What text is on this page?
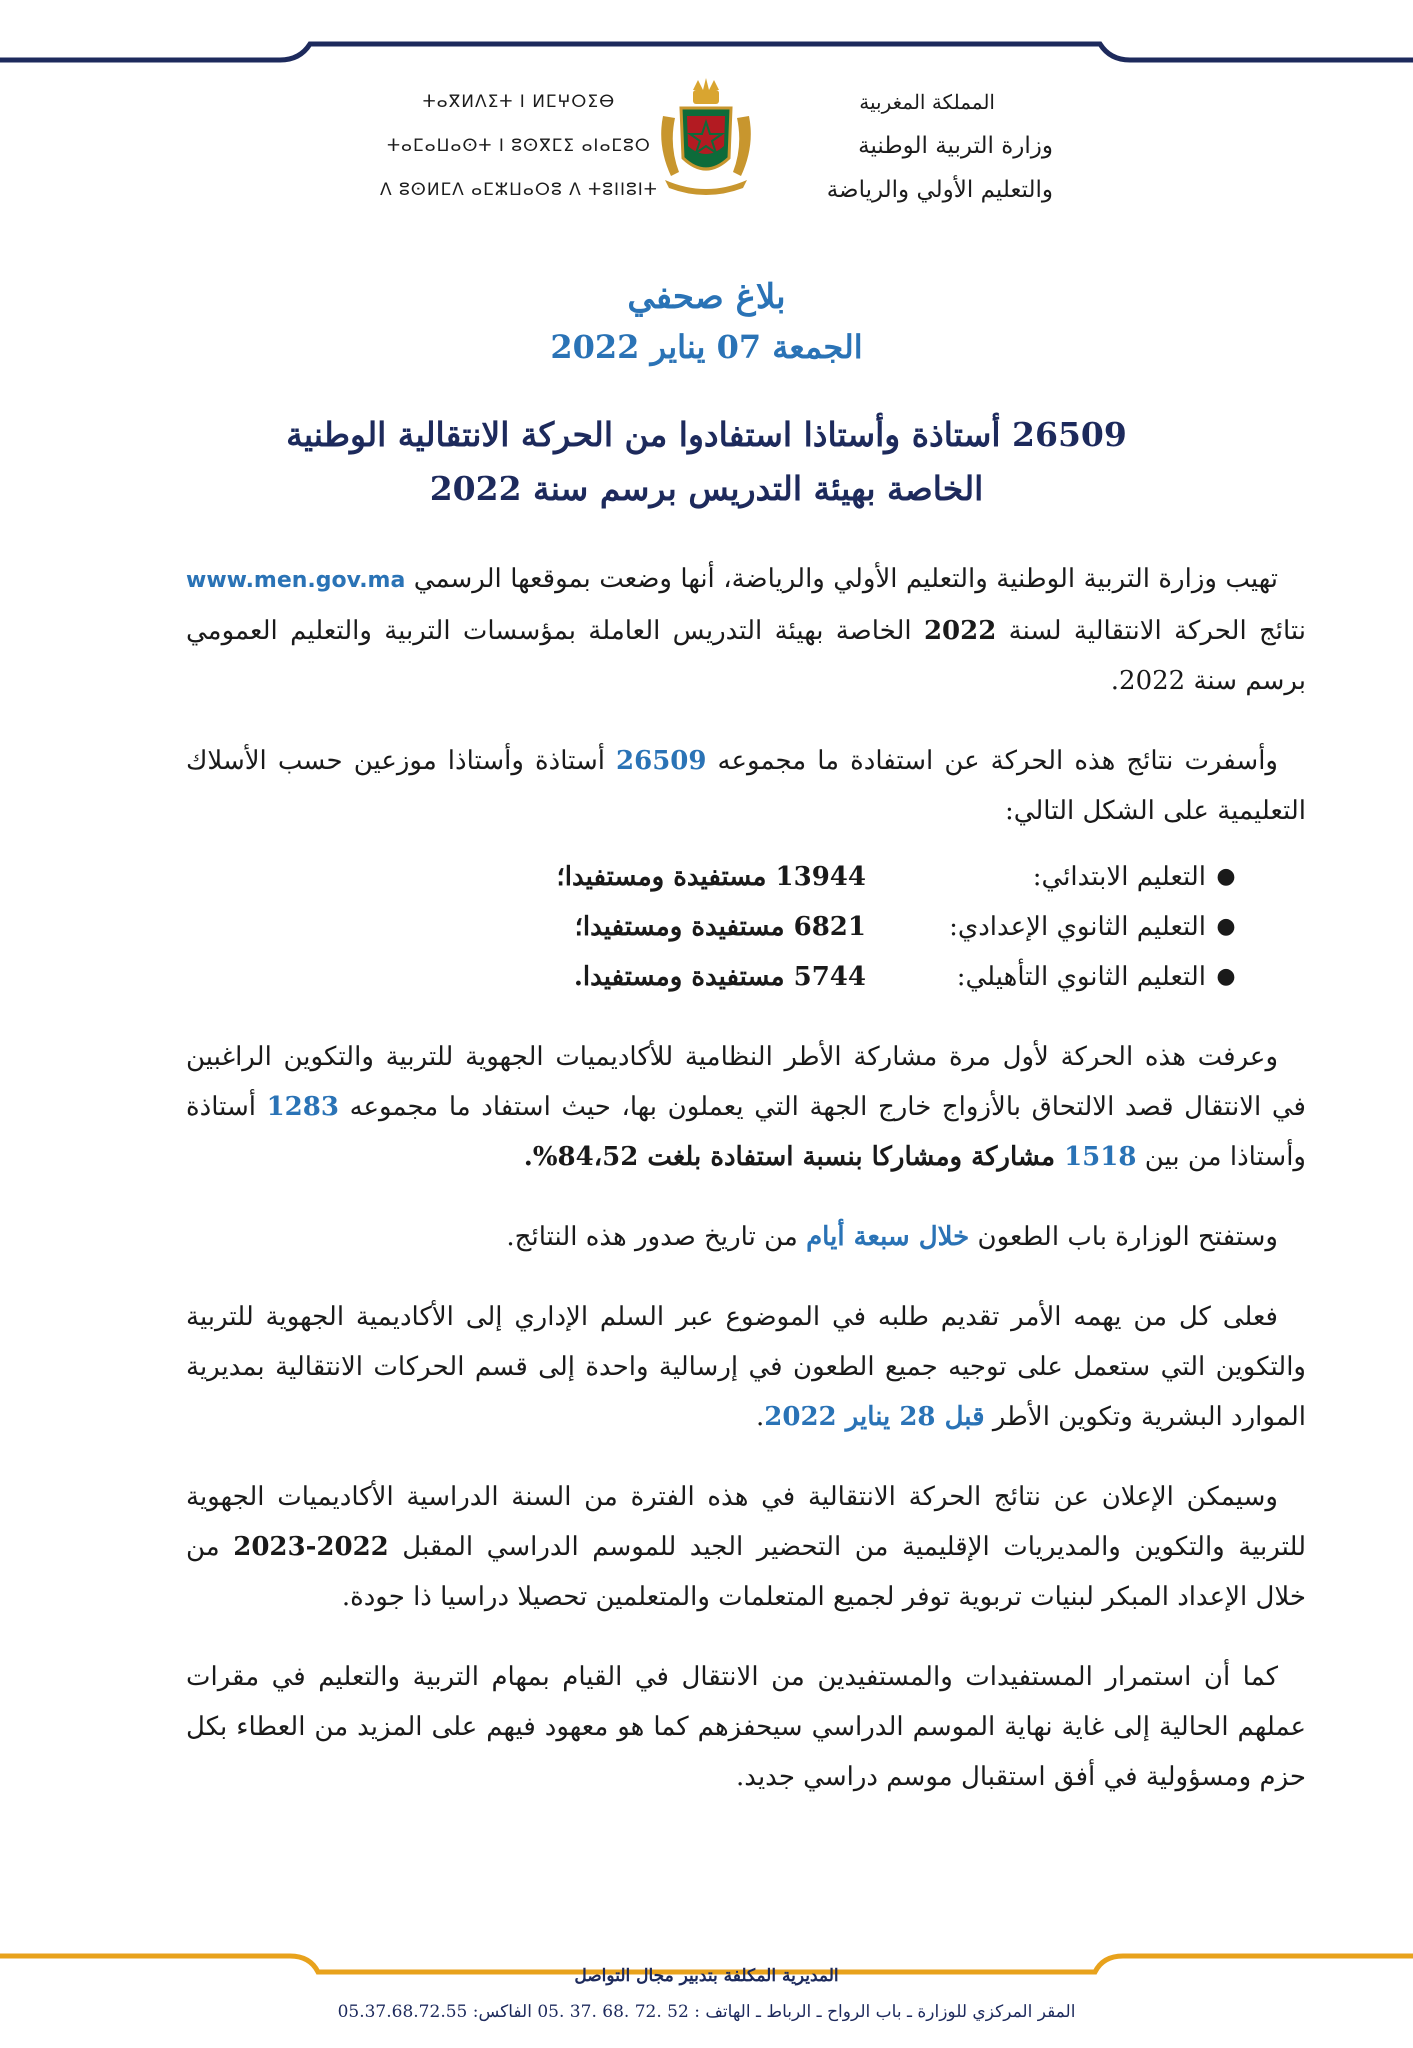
ⵜⴰⴳⵍⴷⵉⵜ ⵏ ⵍⵎⵖⵔⵉⴱ
ⵜⴰⵎⴰⵡⴰⵙⵜ ⵏ ⵓⵙⴳⵎⵉ ⴰⵏⴰⵎⵓⵔ
ⴷ ⵓⵙⵍⵎⴷ ⴰⵎⵣⵡⴰⵔⵓ ⴷ ⵜⵓⵏⵏⵓⵏⵜ
المملكة المغربية
وزارة التربية الوطنية
والتعليم الأولي والرياضة
بلاغ صحفي
الجمعة 07 يناير 2022
26509 أستاذة وأستاذا استفادوا من الحركة الانتقالية الوطنية
الخاصة بهيئة التدريس برسم سنة 2022

تهيب وزارة التربية الوطنية والتعليم الأولي والرياضة، أنها وضعت بموقعها الرسمي www.men.gov.ma نتائج الحركة الانتقالية لسنة 2022 الخاصة بهيئة التدريس العاملة بمؤسسات التربية والتعليم العمومي برسم سنة 2022.

وأسفرت نتائج هذه الحركة عن استفادة ما مجموعه 26509 أستاذة وأستاذا موزعين حسب الأسلاك التعليمية على الشكل التالي:

●
التعليم الابتدائي:
13944 مستفيدة ومستفيدا؛
●
التعليم الثانوي الإعدادي:
6821 مستفيدة ومستفيدا؛
●
التعليم الثانوي التأهيلي:
5744 مستفيدة ومستفيدا.

وعرفت هذه الحركة لأول مرة مشاركة الأطر النظامية للأكاديميات الجهوية للتربية والتكوين الراغبين في الانتقال قصد الالتحاق بالأزواج خارج الجهة التي يعملون بها، حيث استفاد ما مجموعه 1283 أستاذة وأستاذا من بين 1518 مشاركة ومشاركا بنسبة استفادة بلغت 84،52%.

وستفتح الوزارة باب الطعون خلال سبعة أيام من تاريخ صدور هذه النتائج.

فعلى كل من يهمه الأمر تقديم طلبه في الموضوع عبر السلم الإداري إلى الأكاديمية الجهوية للتربية والتكوين التي ستعمل على توجيه جميع الطعون في إرسالية واحدة إلى قسم الحركات الانتقالية بمديرية الموارد البشرية وتكوين الأطر قبل 28 يناير 2022.

وسيمكن الإعلان عن نتائج الحركة الانتقالية في هذه الفترة من السنة الدراسية الأكاديميات الجهوية للتربية والتكوين والمديريات الإقليمية من التحضير الجيد للموسم الدراسي المقبل 2022-2023 من خلال الإعداد المبكر لبنيات تربوية توفر لجميع المتعلمات والمتعلمين تحصيلا دراسيا ذا جودة.

كما أن استمرار المستفيدات والمستفيدين من الانتقال في القيام بمهام التربية والتعليم في مقرات عملهم الحالية إلى غاية نهاية الموسم الدراسي سيحفزهم كما هو معهود فيهم على المزيد من العطاء بكل حزم ومسؤولية في أفق استقبال موسم دراسي جديد.

المديرية المكلفة بتدبير مجال التواصل
المقر المركزي للوزارة ـ باب الرواح ـ الرباط ـ الهاتف : 52 .72 .68 .37 .05 الفاكس: 05.37.68.72.55
